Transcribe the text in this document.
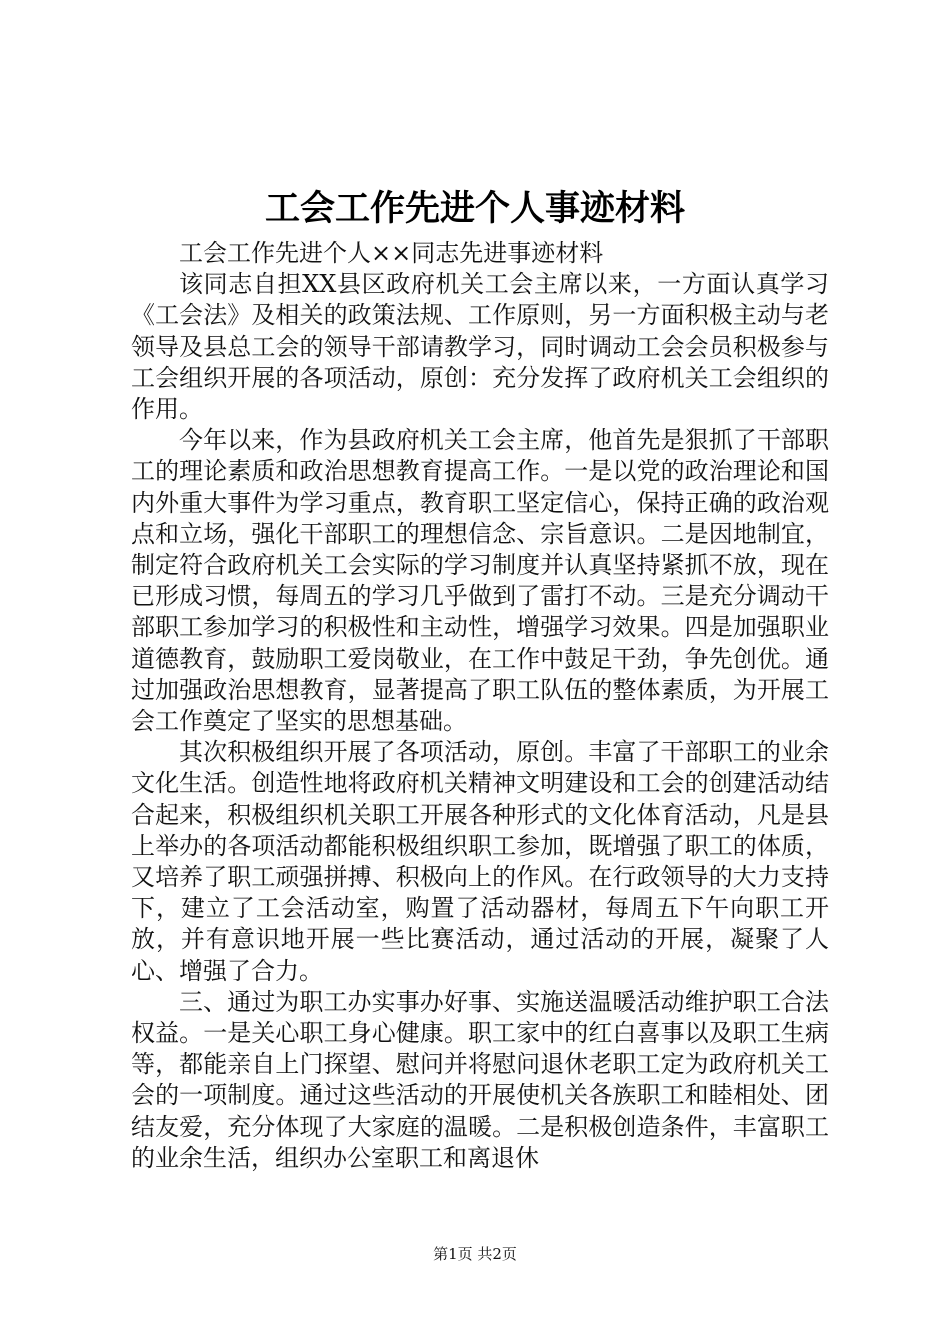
工会工作先进个人事迹材料

工会工作先进个人××同志先进事迹材料

该同志自担XX县区政府机关工会主席以来，一方面认真学习《工会法》及相关的政策法规、工作原则，另一方面积极主动与老领导及县总工会的领导干部请教学习，同时调动工会会员积极参与工会组织开展的各项活动，原创：充分发挥了政府机关工会组织的作用。

今年以来，作为县政府机关工会主席，他首先是狠抓了干部职工的理论素质和政治思想教育提高工作。一是以党的政治理论和国内外重大事件为学习重点，教育职工坚定信心，保持正确的政治观点和立场，强化干部职工的理想信念、宗旨意识。二是因地制宜，制定符合政府机关工会实际的学习制度并认真坚持紧抓不放，现在已形成习惯，每周五的学习几乎做到了雷打不动。三是充分调动干部职工参加学习的积极性和主动性，增强学习效果。四是加强职业道德教育，鼓励职工爱岗敬业，在工作中鼓足干劲，争先创优。通过加强政治思想教育，显著提高了职工队伍的整体素质，为开展工会工作奠定了坚实的思想基础。

其次积极组织开展了各项活动，原创。丰富了干部职工的业余文化生活。创造性地将政府机关精神文明建设和工会的创建活动结合起来，积极组织机关职工开展各种形式的文化体育活动，凡是县上举办的各项活动都能积极组织职工参加，既增强了职工的体质，又培养了职工顽强拼搏、积极向上的作风。在行政领导的大力支持下，建立了工会活动室，购置了活动器材，每周五下午向职工开放，并有意识地开展一些比赛活动，通过活动的开展，凝聚了人心、增强了合力。

三、通过为职工办实事办好事、实施送温暖活动维护职工合法权益。一是关心职工身心健康。职工家中的红白喜事以及职工生病等，都能亲自上门探望、慰问并将慰问退休老职工定为政府机关工会的一项制度。通过这些活动的开展使机关各族职工和睦相处、团结友爱，充分体现了大家庭的温暖。二是积极创造条件，丰富职工的业余生活，组织办公室职工和离退休

第1页 共2页
